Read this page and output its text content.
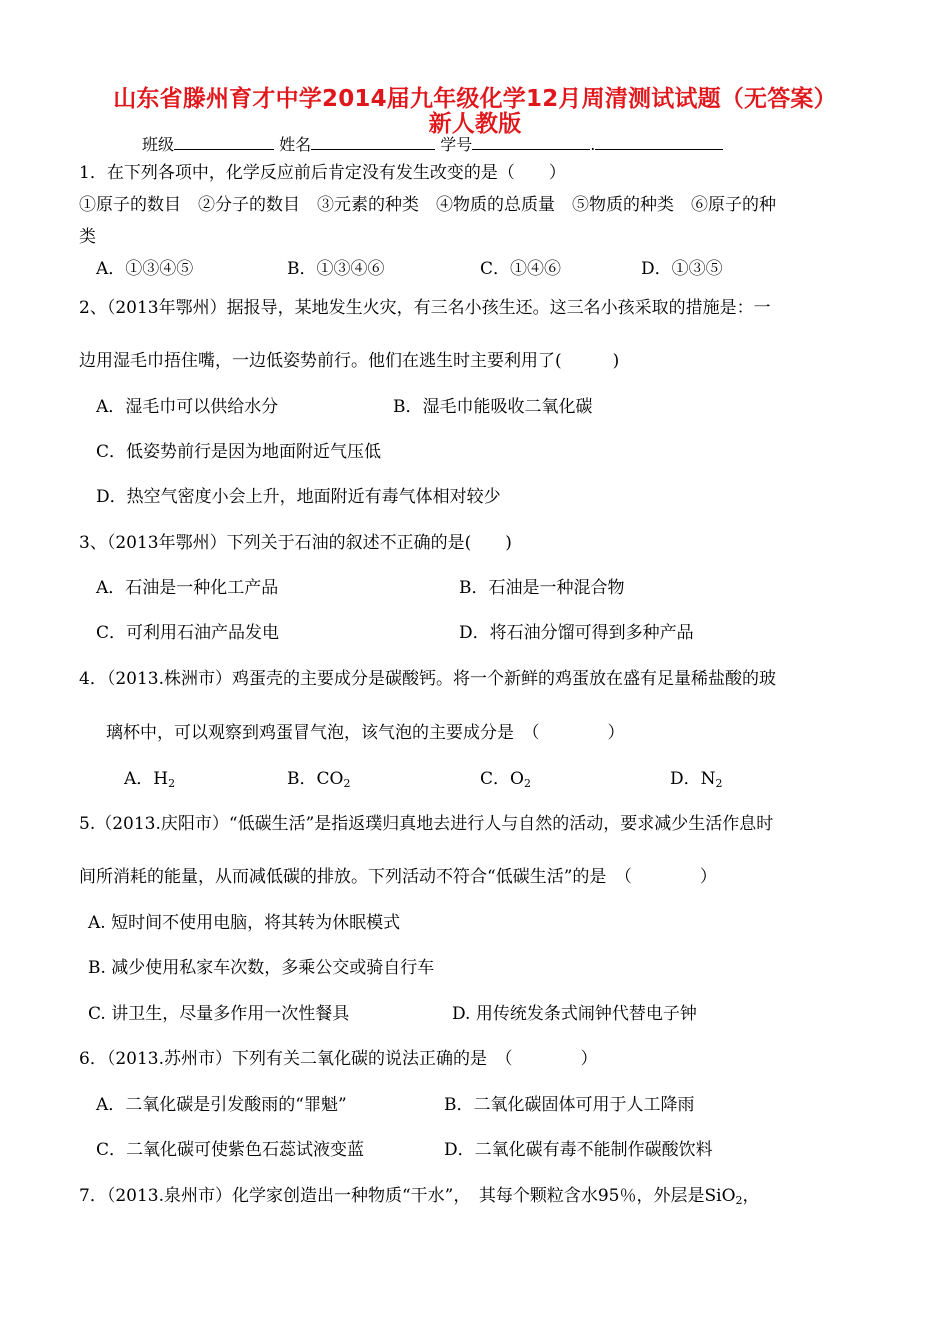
山东省滕州育才中学2014届九年级化学12月周清测试试题（无答案）
新人教版
班级	姓名	学号	.
1．在下列各项中，化学反应前后肯定没有发生改变的是（　　）
①原子的数目　②分子的数目　③元素的种类　④物质的总质量　⑤物质的种类　⑥原子的种
类
A．①③④⑤	B．①③④⑥	C．①④⑥	D．①③⑤
2、（2013年鄂州）据报导，某地发生火灾，有三名小孩生还。这三名小孩采取的措施是：一
边用湿毛巾捂住嘴，一边低姿势前行。他们在逃生时主要利用了(　　　)
A．湿毛巾可以供给水分	B．湿毛巾能吸收二氧化碳
C．低姿势前行是因为地面附近气压低
D．热空气密度小会上升，地面附近有毒气体相对较少
3、（2013年鄂州）下列关于石油的叙述不正确的是(　　)
A．石油是一种化工产品	B．石油是一种混合物
C．可利用石油产品发电	D．将石油分馏可得到多种产品
4．（2013.株洲市）鸡蛋壳的主要成分是碳酸钙。将一个新鲜的鸡蛋放在盛有足量稀盐酸的玻
璃杯中，可以观察到鸡蛋冒气泡，该气泡的主要成分是　（　　　　）
A．$H_2$	B．$CO_2$	C．$O_2$	D．$N_2$
5.（2013.庆阳市）“低碳生活”是指返璞归真地去进行人与自然的活动，要求减少生活作息时
间所消耗的能量，从而减低碳的排放。下列活动不符合“低碳生活”的是　（　　　　）
A. 短时间不使用电脑，将其转为休眠模式
B. 减少使用私家车次数，多乘公交或骑自行车
C. 讲卫生，尽量多作用一次性餐具	D. 用传统发条式闹钟代替电子钟
6．（2013.苏州市）下列有关二氧化碳的说法正确的是　（　　　　）
A．二氧化碳是引发酸雨的“罪魁”	B．二氧化碳固体可用于人工降雨
C．二氧化碳可使紫色石蕊试液变蓝	D．二氧化碳有毒不能制作碳酸饮料
7．（2013.泉州市）化学家创造出一种物质“干水”，　其每个颗粒含水95％，外层是SiO$_2$，
